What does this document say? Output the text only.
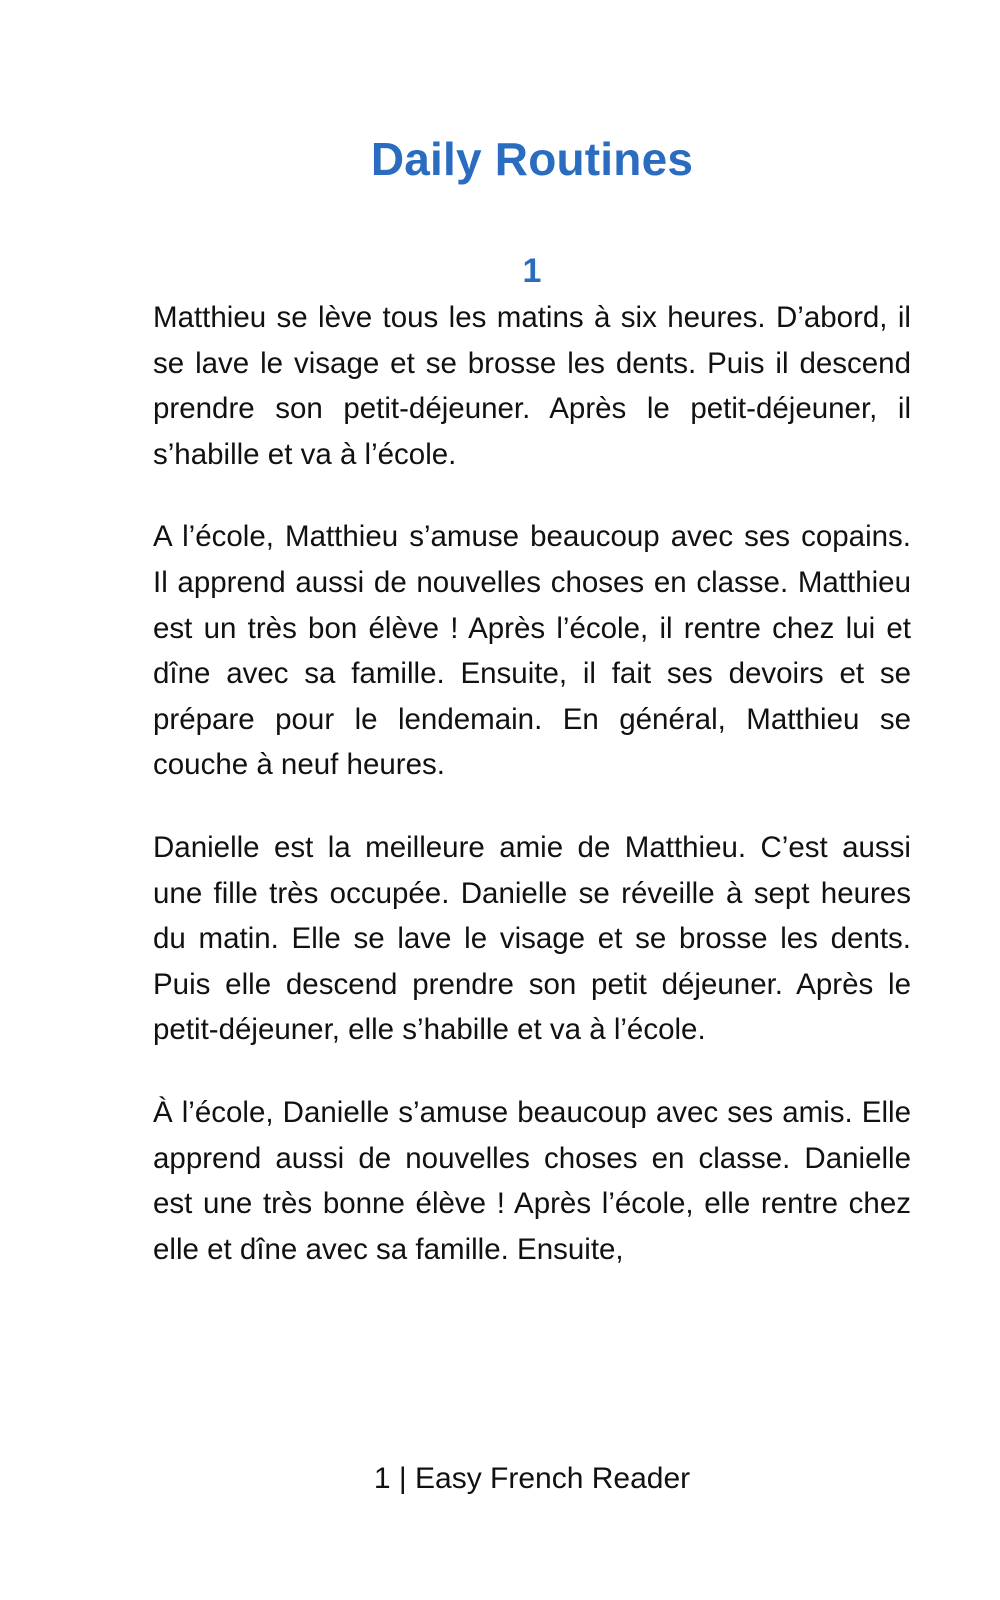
Daily Routines
1

Matthieu se lève tous les matins à six heures. D’abord, il se lave le visage et se brosse les dents. Puis il descend prendre son petit-déjeuner. Après le petit-déjeuner, il s’habille et va à l’école.

A l’école, Matthieu s’amuse beaucoup avec ses copains. Il apprend aussi de nouvelles choses en classe. Matthieu est un très bon élève ! Après l’école, il rentre chez lui et dîne avec sa famille. Ensuite, il fait ses devoirs et se prépare pour le lendemain. En général, Matthieu se couche à neuf heures.

Danielle est la meilleure amie de Matthieu. C’est aussi une fille très occupée. Danielle se réveille à sept heures du matin. Elle se lave le visage et se brosse les dents. Puis elle descend prendre son petit déjeuner. Après le petit-déjeuner, elle s’habille et va à l’école.

À l’école, Danielle s’amuse beaucoup avec ses amis. Elle apprend aussi de nouvelles choses en classe. Danielle est une très bonne élève ! Après l’école, elle rentre chez elle et dîne avec sa famille. Ensuite,

1 | Easy French Reader
